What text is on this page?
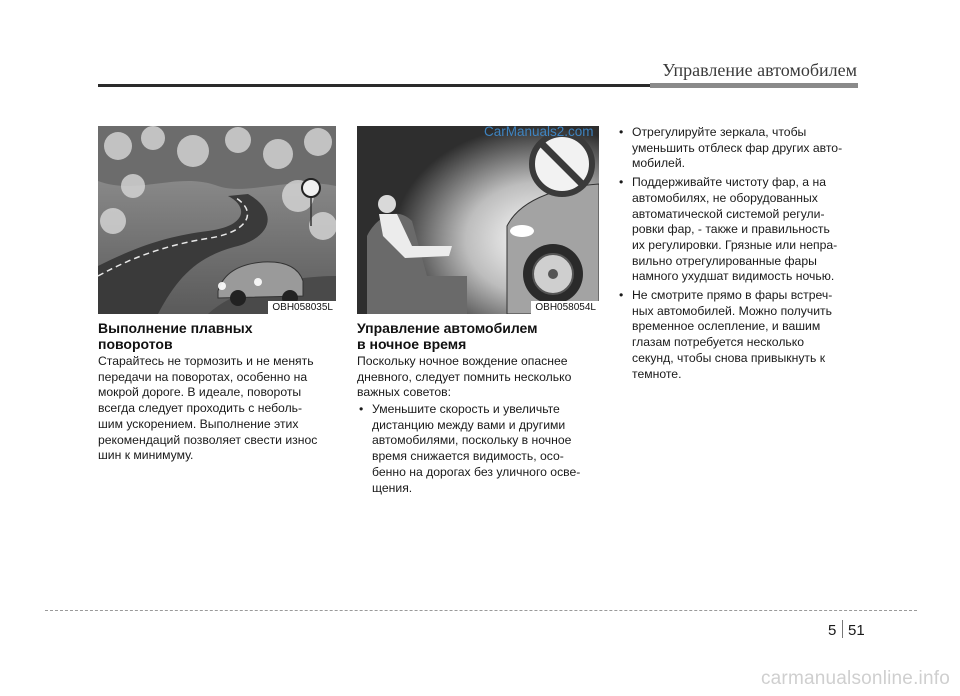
Управление автомобилем
OBH058035L
Выполнение плавных
поворотов
Старайтесь не тормозить и не менять
передачи на поворотах, особенно на
мокрой дороге. В идеале, повороты
всегда следует проходить с неболь-
шим ускорением. Выполнение этих
рекомендаций позволяет свести износ
шин к минимуму.
OBH058054L
CarManuals2.com
Управление автомобилем
в ночное время
Поскольку ночное вождение опаснее
дневного, следует помнить несколько
важных советов:
• Уменьшите скорость и увеличьте
дистанцию между вами и другими
автомобилями, поскольку в ночное
время снижается видимость, осо-
бенно на дорогах без уличного осве-
щения.
• Отрегулируйте зеркала, чтобы
уменьшить отблеск фар других авто-
мобилей.
• Поддерживайте чистоту фар, а на
автомобилях, не оборудованных
автоматической системой регули-
ровки фар, - также и правильность
их регулировки. Грязные или непра-
вильно отрегулированные фары
намного ухудшат видимость ночью.
• Не смотрите прямо в фары встреч-
ных автомобилей. Можно получить
временное ослепление, и вашим
глазам потребуется несколько
секунд, чтобы снова привыкнуть к
темноте.
5 51
carmanualsonline.info
